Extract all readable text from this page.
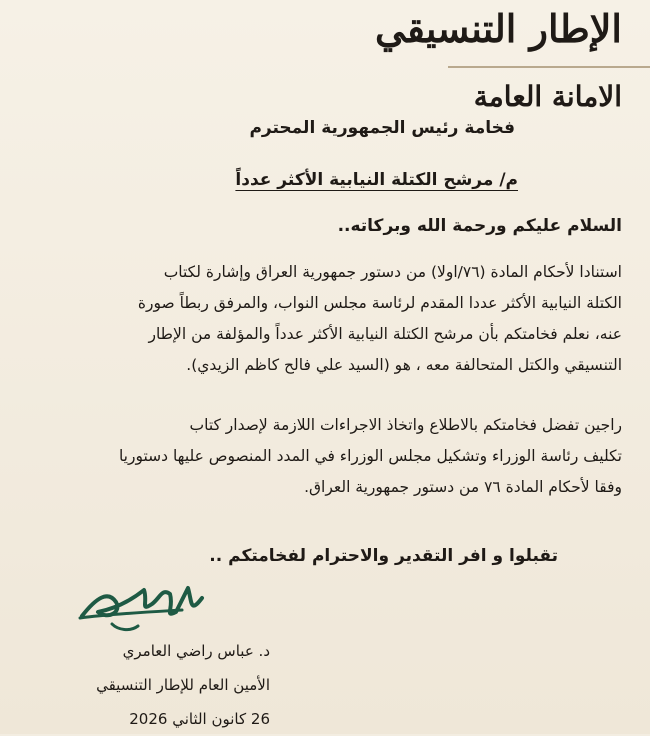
الإطار التنسيقي
الامانة العامة
فخامة رئيس الجمهورية المحترم
م/ مرشح الكتلة النيابية الأكثر عدداً
السلام عليكم ورحمة الله وبركاته..
استنادا لأحكام المادة (٧٦/اولا) من دستور جمهورية العراق وإشارة لكتاب
الكتلة النيابية الأكثر عددا المقدم لرئاسة مجلس النواب، والمرفق ربطاً صورة
عنه، نعلم فخامتكم بأن مرشح الكتلة النيابية الأكثر عدداً والمؤلفة من الإطار
التنسيقي والكتل المتحالفة معه ، هو (السيد علي فالح كاظم الزيدي).
راجين تفضل فخامتكم بالاطلاع واتخاذ الاجراءات اللازمة لإصدار كتاب
تكليف رئاسة الوزراء وتشكيل مجلس الوزراء في المدد المنصوص عليها دستوريا
وفقا لأحكام المادة ٧٦ من دستور جمهورية العراق.
تقبلوا و افر التقدير والاحترام لفخامتكم ..
د. عباس راضي العامري
الأمين العام للإطار التنسيقي
26 كانون الثاني 2026
